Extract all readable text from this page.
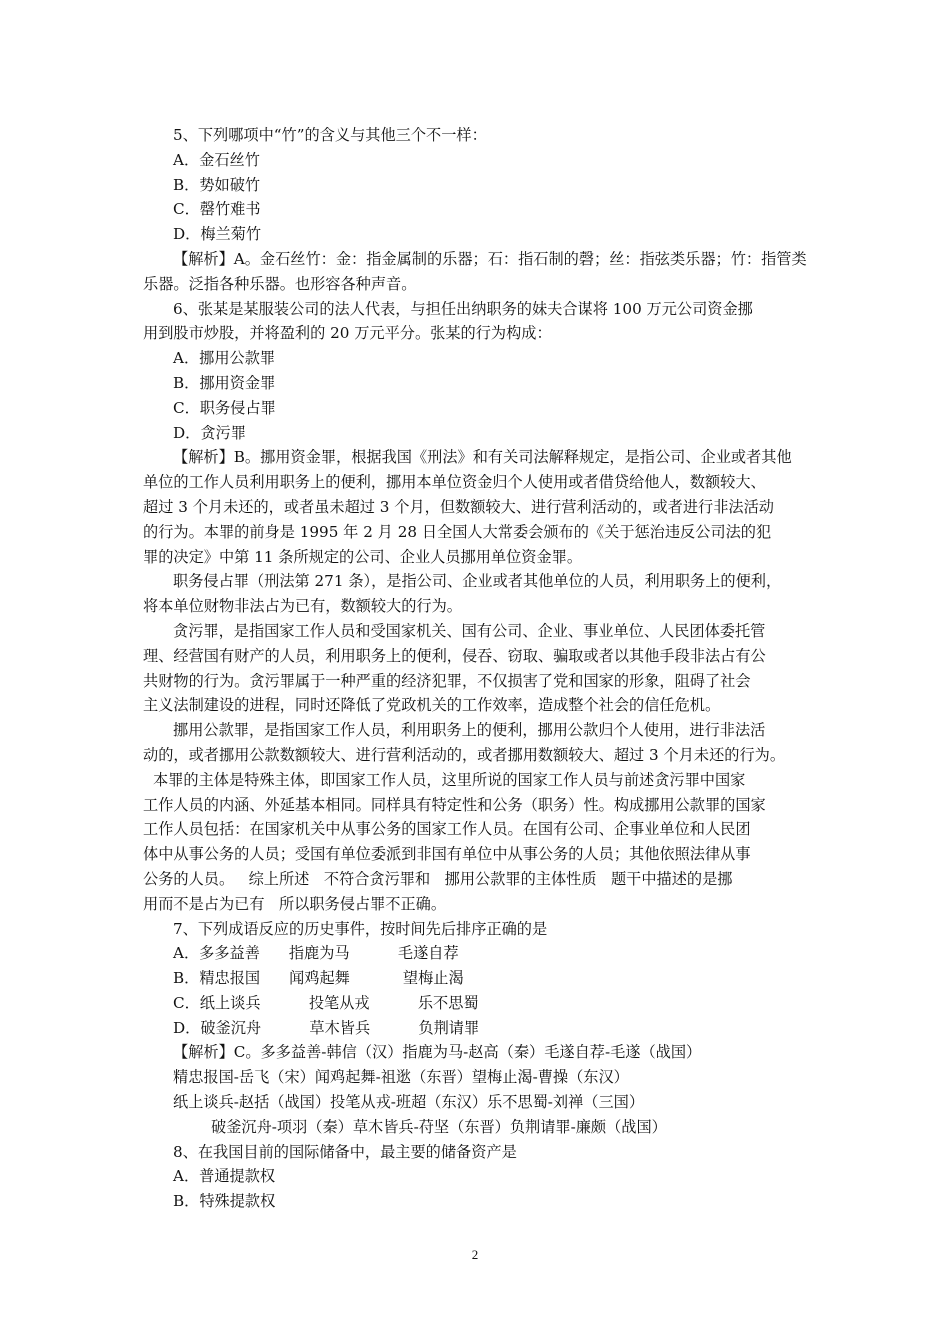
5、下列哪项中“竹”的含义与其他三个不一样：
A．金石丝竹
B．势如破竹
C．罄竹难书
D．梅兰菊竹
【解析】A。金石丝竹：金：指金属制的乐器；石：指石制的磬；丝：指弦类乐器；竹：指管类
乐器。泛指各种乐器。也形容各种声音。
6、张某是某服装公司的法人代表，与担任出纳职务的妹夫合谋将 100 万元公司资金挪
用到股市炒股，并将盈利的 20 万元平分。张某的行为构成：
A．挪用公款罪
B．挪用资金罪
C．职务侵占罪
D．贪污罪
【解析】B。挪用资金罪，根据我国《刑法》和有关司法解释规定，是指公司、企业或者其他
单位的工作人员利用职务上的便利，挪用本单位资金归个人使用或者借贷给他人，数额较大、
超过 3 个月未还的，或者虽未超过 3 个月，但数额较大、进行营利活动的，或者进行非法活动
的行为。本罪的前身是 1995 年 2 月 28 日全国人大常委会颁布的《关于惩治违反公司法的犯
罪的决定》中第 11 条所规定的公司、企业人员挪用单位资金罪。
职务侵占罪（刑法第 271 条），是指公司、企业或者其他单位的人员，利用职务上的便利，
将本单位财物非法占为已有，数额较大的行为。
贪污罪，是指国家工作人员和受国家机关、国有公司、企业、事业单位、人民团体委托管
理、经营国有财产的人员，利用职务上的便利，侵吞、窃取、骗取或者以其他手段非法占有公
共财物的行为。贪污罪属于一种严重的经济犯罪，不仅损害了党和国家的形象，阻碍了社会
主义法制建设的进程，同时还降低了党政机关的工作效率，造成整个社会的信任危机。
挪用公款罪，是指国家工作人员，利用职务上的便利，挪用公款归个人使用，进行非法活
动的，或者挪用公款数额较大、进行营利活动的，或者挪用数额较大、超过 3 个月未还的行为。
本罪的主体是特殊主体，即国家工作人员，这里所说的国家工作人员与前述贪污罪中国家
工作人员的内涵、外延基本相同。同样具有特定性和公务（职务）性。构成挪用公款罪的国家
工作人员包括：在国家机关中从事公务的国家工作人员。在国有公司、企事业单位和人民团
体中从事公务的人员；受国有单位委派到非国有单位中从事公务的人员；其他依照法律从事
公务的人员。   综上所述   不符合贪污罪和   挪用公款罪的主体性质   题干中描述的是挪
用而不是占为已有   所以职务侵占罪不正确。
7、下列成语反应的历史事件，按时间先后排序正确的是
A．多多益善      指鹿为马          毛遂自荐
B．精忠报国      闻鸡起舞           望梅止渴
C．纸上谈兵          投笔从戎          乐不思蜀
D．破釜沉舟          草木皆兵          负荆请罪
【解析】C。多多益善-韩信（汉）指鹿为马-赵高（秦）毛遂自荐-毛遂（战国）
精忠报国-岳飞（宋）闻鸡起舞-祖逖（东晋）望梅止渴-曹操（东汉）
纸上谈兵-赵括（战国）投笔从戎-班超（东汉）乐不思蜀-刘禅（三国）
破釜沉舟-项羽（秦）草木皆兵-苻坚（东晋）负荆请罪-廉颇（战国）
8、在我国目前的国际储备中，最主要的储备资产是
A．普通提款权
B．特殊提款权
2
